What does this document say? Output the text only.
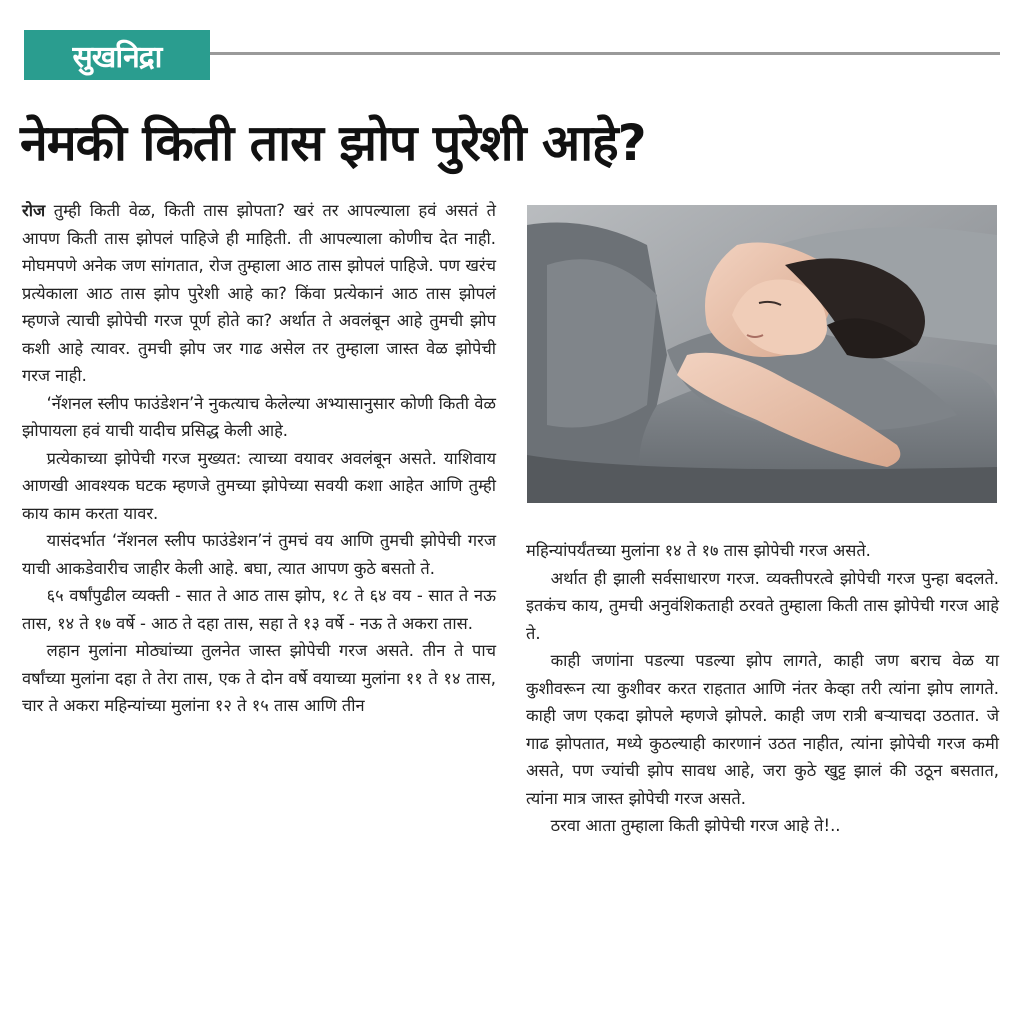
सुखनिद्रा
नेमकी किती तास झोप पुरेशी आहे?

रोज तुम्ही किती वेळ, किती तास झोपता? खरं तर आपल्याला हवं असतं ते आपण किती तास झोपलं पाहिजे ही माहिती. ती आपल्याला कोणीच देत नाही. मोघमपणे अनेक जण सांगतात, रोज तुम्हाला आठ तास झोपलं पाहिजे. पण खरंच प्रत्येकाला आठ तास झोप पुरेशी आहे का? किंवा प्रत्येकानं आठ तास झोपलं म्हणजे त्याची झोपेची गरज पूर्ण होते का? अर्थात ते अवलंबून आहे तुमची झोप कशी आहे त्यावर. तुमची झोप जर गाढ असेल तर तुम्हाला जास्त वेळ झोपेची गरज नाही.

‘नॅशनल स्लीप फाउंडेशन’ने नुकत्याच केलेल्या अभ्यासानुसार कोणी किती वेळ झोपायला हवं याची यादीच प्रसिद्ध केली आहे.

प्रत्येकाच्या झोपेची गरज मुख्यत: त्याच्या वयावर अवलंबून असते. याशिवाय आणखी आवश्यक घटक म्हणजे तुमच्या झोपेच्या सवयी कशा आहेत आणि तुम्ही काय काम करता यावर.

यासंदर्भात ‘नॅशनल स्लीप फाउंडेशन’नं तुमचं वय आणि तुमची झोपेची गरज याची आकडेवारीच जाहीर केली आहे. बघा, त्यात आपण कुठे बसतो ते.

६५ वर्षांपुढील व्यक्ती - सात ते आठ तास झोप, १८ ते ६४ वय - सात ते नऊ तास, १४ ते १७ वर्षे - आठ ते दहा तास, सहा ते १३ वर्षे - नऊ ते अकरा तास.

लहान मुलांना मोठ्यांच्या तुलनेत जास्त झोपेची गरज असते. तीन ते पाच वर्षांच्या मुलांना दहा ते तेरा तास, एक ते दोन वर्षे वयाच्या मुलांना ११ ते १४ तास, चार ते अकरा महिन्यांच्या मुलांना १२ ते १५ तास आणि तीन

महिन्यांपर्यंतच्या मुलांना १४ ते १७ तास झोपेची गरज असते.

अर्थात ही झाली सर्वसाधारण गरज. व्यक्तीपरत्वे झोपेची गरज पुन्हा बदलते. इतकंच काय, तुमची अनुवंशिकताही ठरवते तुम्हाला किती तास झोपेची गरज आहे ते.

काही जणांना पडल्या पडल्या झोप लागते, काही जण बराच वेळ या कुशीवरून त्या कुशीवर करत राहतात आणि नंतर केव्हा तरी त्यांना झोप लागते. काही जण एकदा झोपले म्हणजे झोपले. काही जण रात्री बऱ्याचदा उठतात. जे गाढ झोपतात, मध्ये कुठल्याही कारणानं उठत नाहीत, त्यांना झोपेची गरज कमी असते, पण ज्यांची झोप सावध आहे, जरा कुठे खुट्ट झालं की उठून बसतात, त्यांना मात्र जास्त झोपेची गरज असते.

ठरवा आता तुम्हाला किती झोपेची गरज आहे ते!..
